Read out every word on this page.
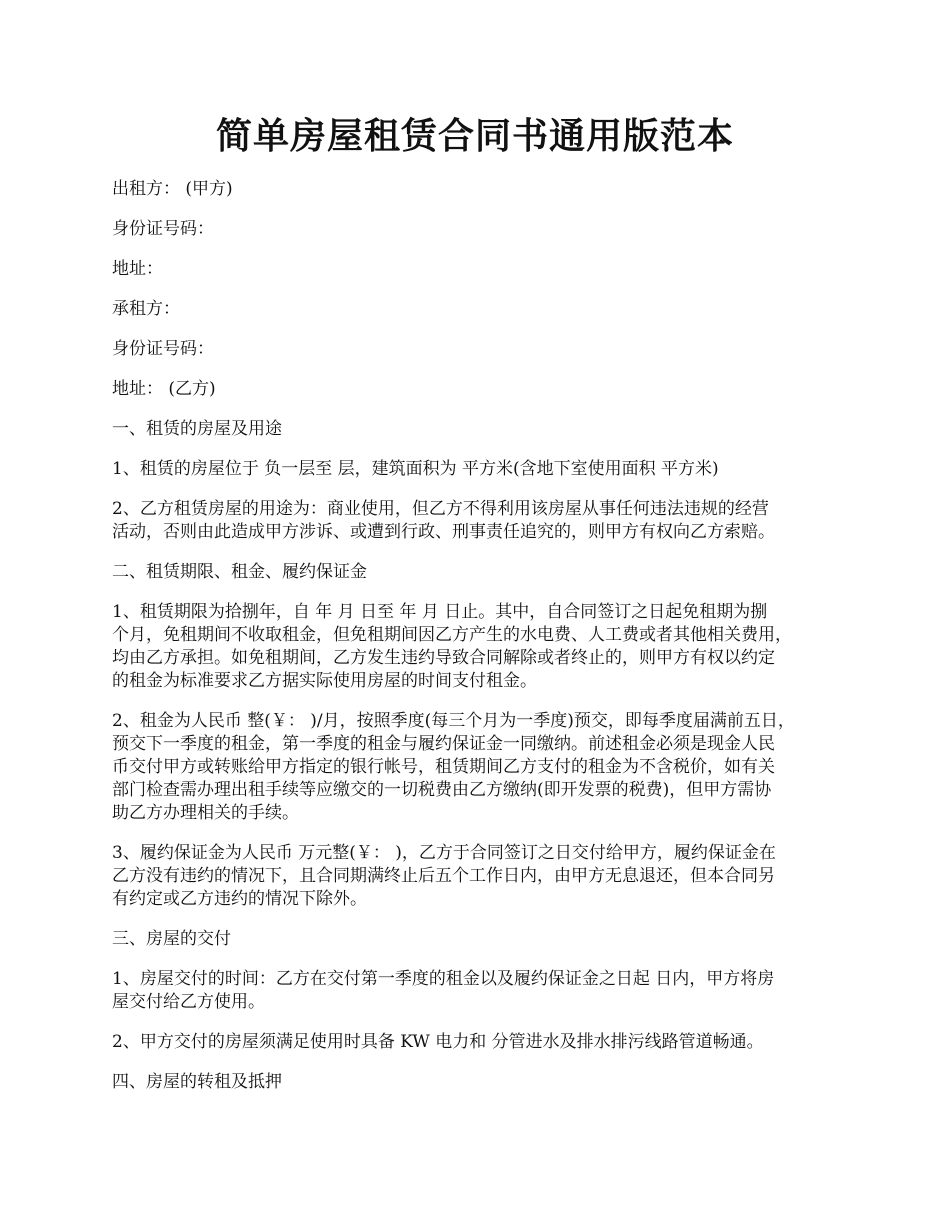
简单房屋租赁合同书通用版范本
出租方： (甲方)
身份证号码：
地址：
承租方：
身份证号码：
地址： (乙方)
一、租赁的房屋及用途
1、租赁的房屋位于 负一层至 层，建筑面积为 平方米(含地下室使用面积 平方米)
2、乙方租赁房屋的用途为：商业使用，但乙方不得利用该房屋从事任何违法违规的经营
活动，否则由此造成甲方涉诉、或遭到行政、刑事责任追究的，则甲方有权向乙方索赔。
二、租赁期限、租金、履约保证金
1、租赁期限为拾捌年，自 年 月 日至 年 月 日止。其中，自合同签订之日起免租期为捌
个月，免租期间不收取租金，但免租期间因乙方产生的水电费、人工费或者其他相关费用，
均由乙方承担。如免租期间，乙方发生违约导致合同解除或者终止的，则甲方有权以约定
的租金为标准要求乙方据实际使用房屋的时间支付租金。
2、租金为人民币 整(￥： )/月，按照季度(每三个月为一季度)预交，即每季度届满前五日，
预交下一季度的租金，第一季度的租金与履约保证金一同缴纳。前述租金必须是现金人民
币交付甲方或转账给甲方指定的银行帐号，租赁期间乙方支付的租金为不含税价，如有关
部门检查需办理出租手续等应缴交的一切税费由乙方缴纳(即开发票的税费)，但甲方需协
助乙方办理相关的手续。
3、履约保证金为人民币 万元整(￥： )，乙方于合同签订之日交付给甲方，履约保证金在
乙方没有违约的情况下，且合同期满终止后五个工作日内，由甲方无息退还，但本合同另
有约定或乙方违约的情况下除外。
三、房屋的交付
1、房屋交付的时间：乙方在交付第一季度的租金以及履约保证金之日起 日内，甲方将房
屋交付给乙方使用。
2、甲方交付的房屋须满足使用时具备 KW 电力和 分管进水及排水排污线路管道畅通。
四、房屋的转租及抵押
